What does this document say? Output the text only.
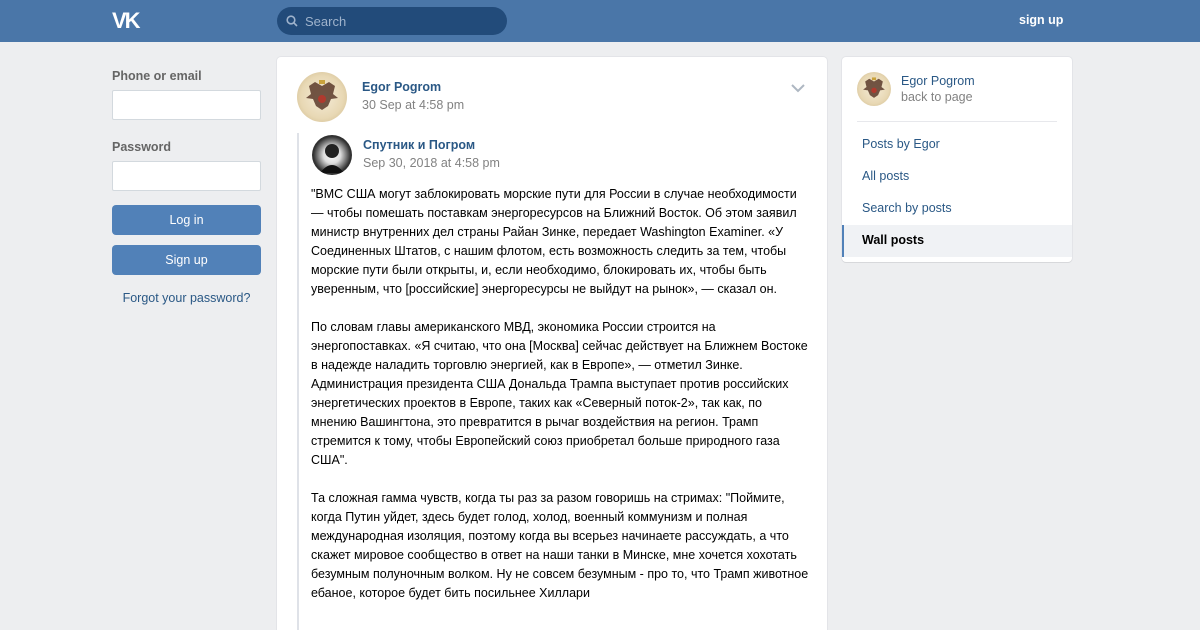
VK
Search	sign up
Phone or email
Password
Log in
Sign up
Forgot your password?
Egor Pogrom
30 Sep at 4:58 pm
Спутник и Погром
Sep 30, 2018 at 4:58 pm

"ВМС США могут заблокировать морские пути для России в случае необходимости — чтобы помешать поставкам энергоресурсов на Ближний Восток. Об этом заявил министр внутренних дел страны Райан Зинке, передает Washington Examiner. «У Соединенных Штатов, с нашим флотом, есть возможность следить за тем, чтобы морские пути были открыты, и, если необходимо, блокировать их, чтобы быть уверенным, что [российские] энергоресурсы не выйдут на рынок», — сказал он.

По словам главы американского МВД, экономика России строится на энергопоставках. «Я считаю, что она [Москва] сейчас действует на Ближнем Востоке в надежде наладить торговлю энергией, как в Европе», — отметил Зинке. Администрация президента США Дональда Трампа выступает против российских энергетических проектов в Европе, таких как «Северный поток-2», так как, по мнению Вашингтона, это превратится в рычаг воздействия на регион. Трамп стремится к тому, чтобы Европейский союз приобретал больше природного газа США".

Та сложная гамма чувств, когда ты раз за разом говоришь на стримах: "Поймите, когда Путин уйдет, здесь будет голод, холод, военный коммунизм и полная международная изоляция, поэтому когда вы всерьез начинаете рассуждать, а что скажет мировое сообщество в ответ на наши танки в Минске, мне хочется хохотать безумным полуночным волком. Ну не совсем безумным - про то, что Трамп животное ебаное, которое будет бить посильнее Хиллари

Egor Pogrom
back to page
Posts by Egor
All posts
Search by posts
Wall posts
